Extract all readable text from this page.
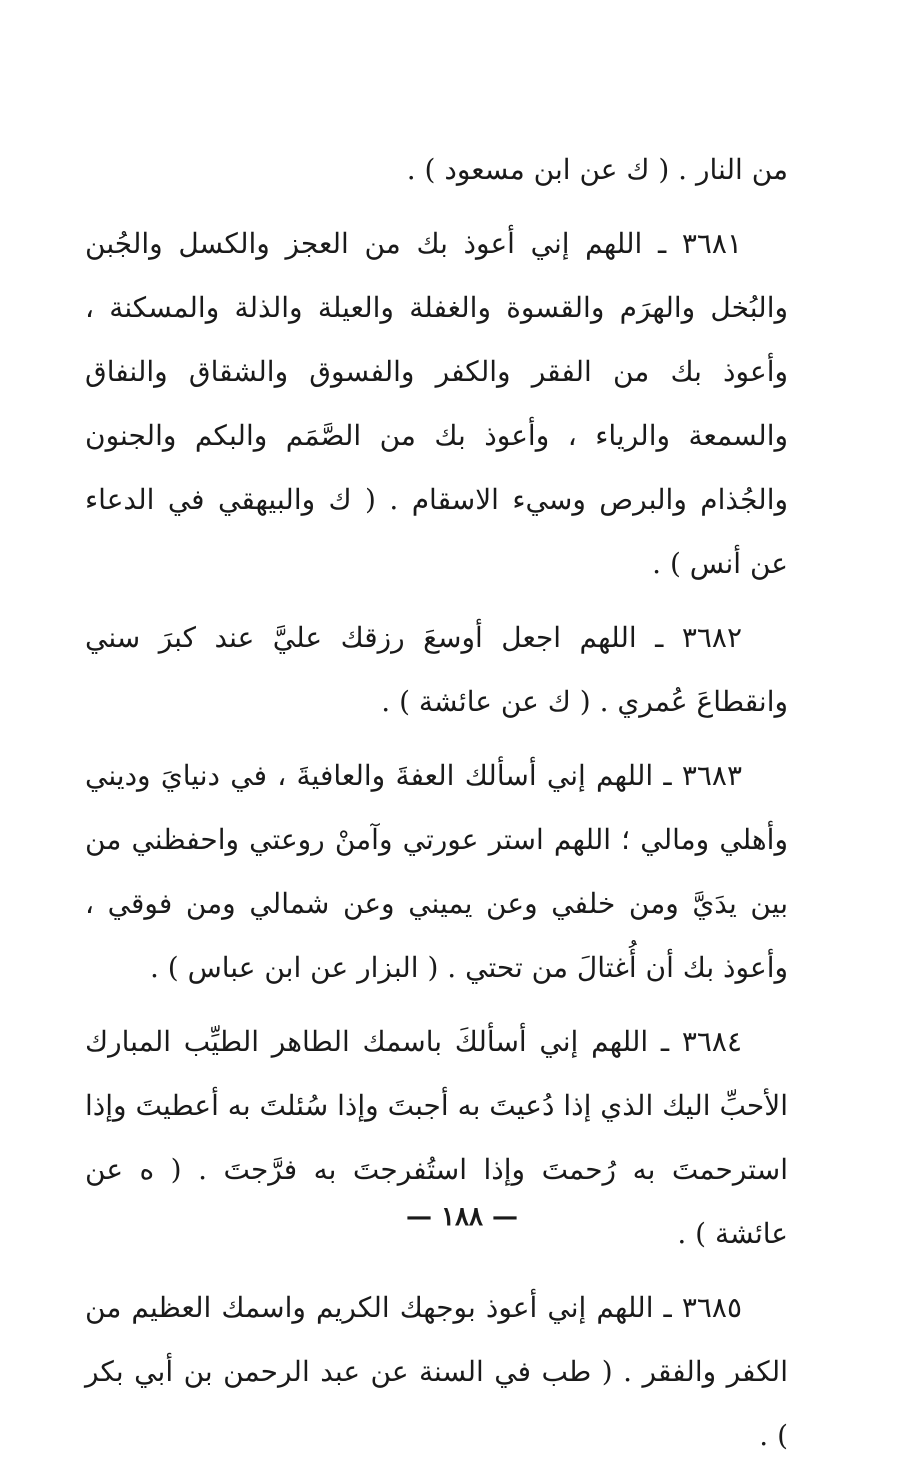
من النار . ( ك عن ابن مسعود ) .

٣٦٨١ ـ اللهم إني أعوذ بك من العجز والكسل والجُبن والبُخل والهرَم والقسوة والغفلة والعيلة والذلة والمسكنة ، وأعوذ بك من الفقر والكفر والفسوق والشقاق والنفاق والسمعة والرياء ، وأعوذ بك من الصَّمَم والبكم والجنون والجُذام والبرص وسيء الاسقام . ( ك والبيهقي في الدعاء عن أنس ) .

٣٦٨٢ ـ اللهم اجعل أوسعَ رزقك عليَّ عند كبرَ سني وانقطاعَ عُمري . ( ك عن عائشة ) .

٣٦٨٣ ـ اللهم إني أسألك العفةَ والعافيةَ ، في دنيايَ وديني وأهلي ومالي ؛ اللهم استر عورتي وآمنْ روعتي واحفظني من بين يدَيَّ ومن خلفي وعن يميني وعن شمالي ومن فوقي ، وأعوذ بك أن أُغتالَ من تحتي . ( البزار عن ابن عباس ) .

٣٦٨٤ ـ اللهم إني أسألكَ باسمك الطاهر الطيِّب المبارك الأحبِّ اليك الذي إذا دُعيتَ به أجبتَ وإذا سُئلتَ به أعطيتَ وإذا استرحمتَ به رُحمتَ وإذا استُفرجتَ به فرَّجتَ . ( ه عن عائشة ) .

٣٦٨٥ ـ اللهم إني أعوذ بوجهك الكريم واسمك العظيم من الكفر والفقر . ( طب في السنة عن عبد الرحمن بن أبي بكر ) .

— ١٨٨ —
